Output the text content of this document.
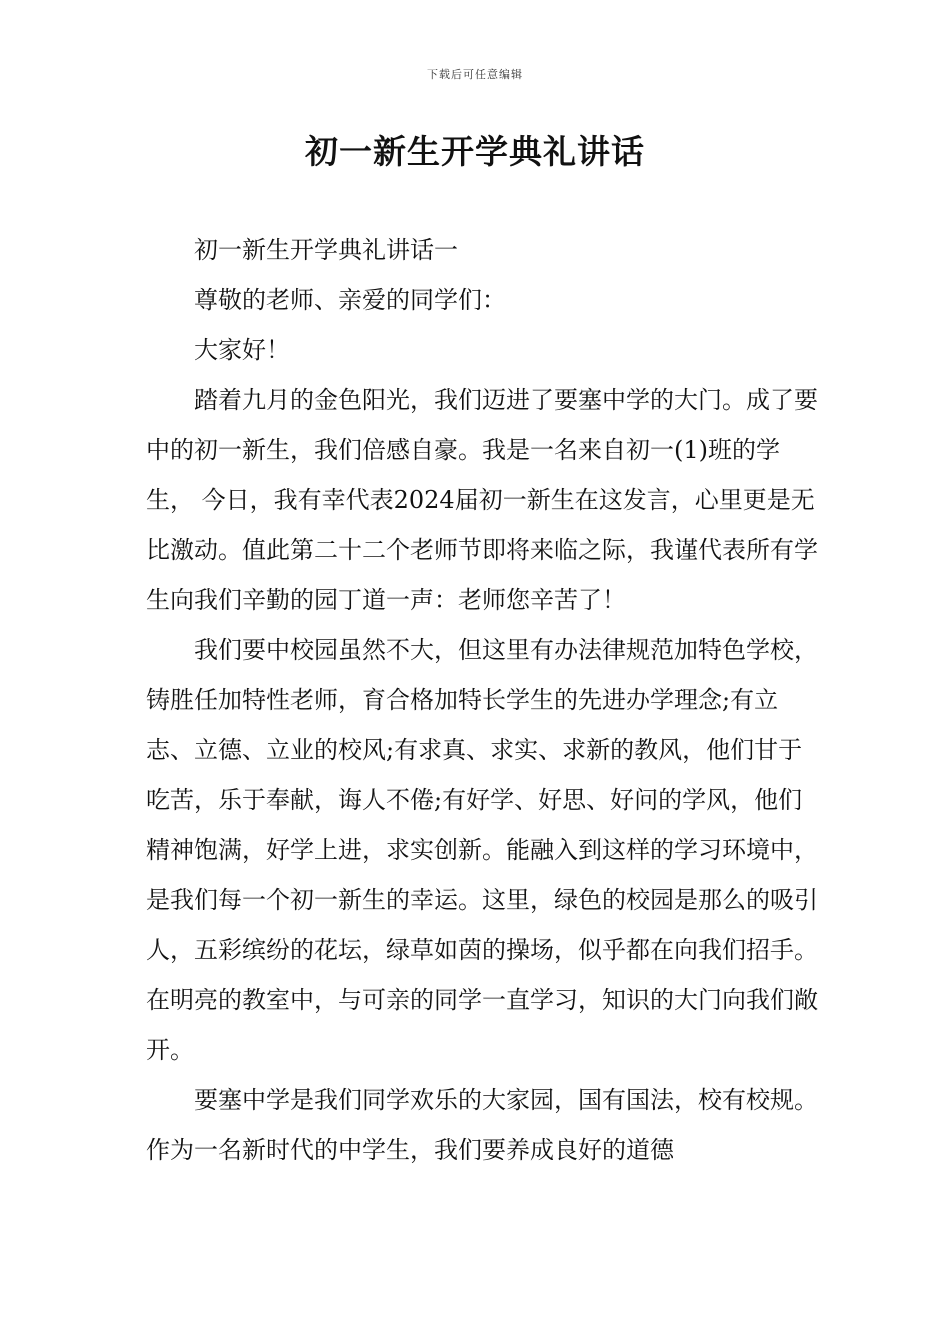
下载后可任意编辑
初一新生开学典礼讲话

初一新生开学典礼讲话一

尊敬的老师、亲爱的同学们：

大家好！

踏着九月的金色阳光，我们迈进了要塞中学的大门。成了要中的初一新生，我们倍感自豪。我是一名来自初一(1)班的学生， 今日，我有幸代表2024届初一新生在这发言，心里更是无比激动。值此第二十二个老师节即将来临之际，我谨代表所有学生向我们辛勤的园丁道一声：老师您辛苦了！

我们要中校园虽然不大，但这里有办法律规范加特色学校，铸胜任加特性老师，育合格加特长学生的先进办学理念;有立志、立德、立业的校风;有求真、求实、求新的教风，他们甘于吃苦，乐于奉献，诲人不倦;有好学、好思、好问的学风，他们精神饱满，好学上进，求实创新。能融入到这样的学习环境中，是我们每一个初一新生的幸运。这里，绿色的校园是那么的吸引人，五彩缤纷的花坛，绿草如茵的操场，似乎都在向我们招手。在明亮的教室中，与可亲的同学一直学习，知识的大门向我们敞开。

要塞中学是我们同学欢乐的大家园，国有国法，校有校规。作为一名新时代的中学生，我们要养成良好的道德
